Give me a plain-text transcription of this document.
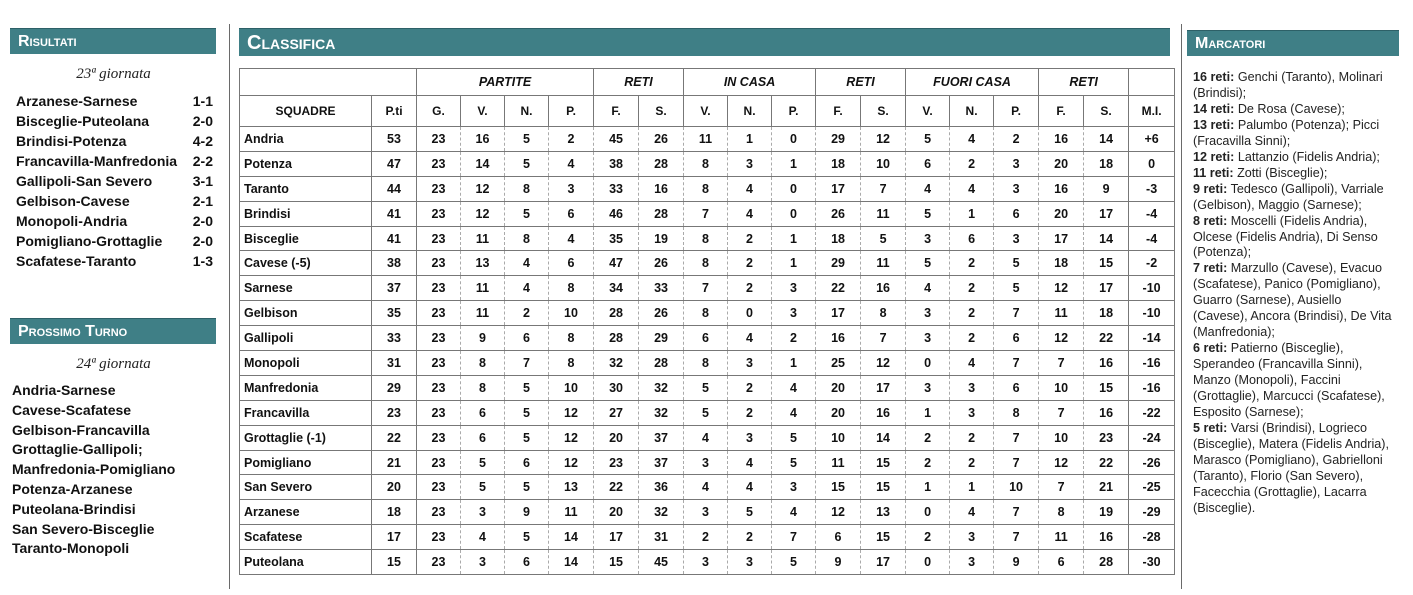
Risultati
23ª giornata
Arzanese-Sarnese	1-1
Bisceglie-Puteolana	2-0
Brindisi-Potenza	4-2
Francavilla-Manfredonia 2-2
Gallipoli-San Severo	3-1
Gelbison-Cavese	2-1
Monopoli-Andria	2-0
Pomigliano-Grottaglie 2-0
Scafatese-Taranto	1-3
Prossimo Turno
24ª giornata
Andria-Sarnese
Cavese-Scafatese
Gelbison-Francavilla
Grottaglie-Gallipoli;
Manfredonia-Pomigliano
Potenza-Arzanese
Puteolana-Brindisi
San Severo-Bisceglie
Taranto-Monopoli
Classifica
		PARTITE				RETI		IN CASA			RETI		FUORI CASA			RETI		
SQUADRE	P.ti	G.	V.	N.	P.	F.	S.	V.	N.	P.	F.	S.	V.	N.	P.	F.	S.	M.I.
Andria	53	23	16	5	2	45	26	11	1	0	29	12	5	4	2	16	14	+6
Potenza	47	23	14	5	4	38	28	8	3	1	18	10	6	2	3	20	18	0
Taranto	44	23	12	8	3	33	16	8	4	0	17	7	4	4	3	16	9	-3
Brindisi	41	23	12	5	6	46	28	7	4	0	26	11	5	1	6	20	17	-4
Bisceglie	41	23	11	8	4	35	19	8	2	1	18	5	3	6	3	17	14	-4
Cavese (-5)	38	23	13	4	6	47	26	8	2	1	29	11	5	2	5	18	15	-2
Sarnese	37	23	11	4	8	34	33	7	2	3	22	16	4	2	5	12	17	-10
Gelbison	35	23	11	2	10	28	26	8	0	3	17	8	3	2	7	11	18	-10
Gallipoli	33	23	9	6	8	28	29	6	4	2	16	7	3	2	6	12	22	-14
Monopoli	31	23	8	7	8	32	28	8	3	1	25	12	0	4	7	7	16	-16
Manfredonia	29	23	8	5	10	30	32	5	2	4	20	17	3	3	6	10	15	-16
Francavilla	23	23	6	5	12	27	32	5	2	4	20	16	1	3	8	7	16	-22
Grottaglie (-1)	22	23	6	5	12	20	37	4	3	5	10	14	2	2	7	10	23	-24
Pomigliano	21	23	5	6	12	23	37	3	4	5	11	15	2	2	7	12	22	-26
San Severo	20	23	5	5	13	22	36	4	4	3	15	15	1	1	10	7	21	-25
Arzanese	18	23	3	9	11	20	32	3	5	4	12	13	0	4	7	8	19	-29
Scafatese	17	23	4	5	14	17	31	2	2	7	6	15	2	3	7	11	16	-28
Puteolana	15	23	3	6	14	15	45	3	3	5	9	17	0	3	9	6	28	-30
Marcatori
16 reti: Genchi (Taranto), Molinari (Brindisi);
14 reti: De Rosa (Cavese);
13 reti: Palumbo (Potenza); Picci (Fracavilla Sinni);
12 reti: Lattanzio (Fidelis Andria);
11 reti: Zotti (Bisceglie);
9 reti: Tedesco (Gallipoli), Varriale (Gelbison), Maggio (Sarnese);
8 reti: Moscelli (Fidelis Andria), Olcese (Fidelis Andria), Di Senso (Potenza);
7 reti: Marzullo (Cavese), Evacuo (Scafatese), Panico (Pomigliano), Guarro (Sarnese), Ausiello (Cavese), Ancora (Brindisi), De Vita (Manfredonia);
6 reti: Patierno (Bisceglie), Sperandeo (Francavilla Sinni), Manzo (Monopoli), Faccini (Grottaglie), Marcucci (Scafatese), Esposito (Sarnese);
5 reti: Varsi (Brindisi), Logrieco (Bisceglie), Matera (Fidelis Andria), Marasco (Pomigliano), Gabrielloni (Taranto), Florio (San Severo), Facecchia (Grottaglie), Lacarra (Bisceglie).
